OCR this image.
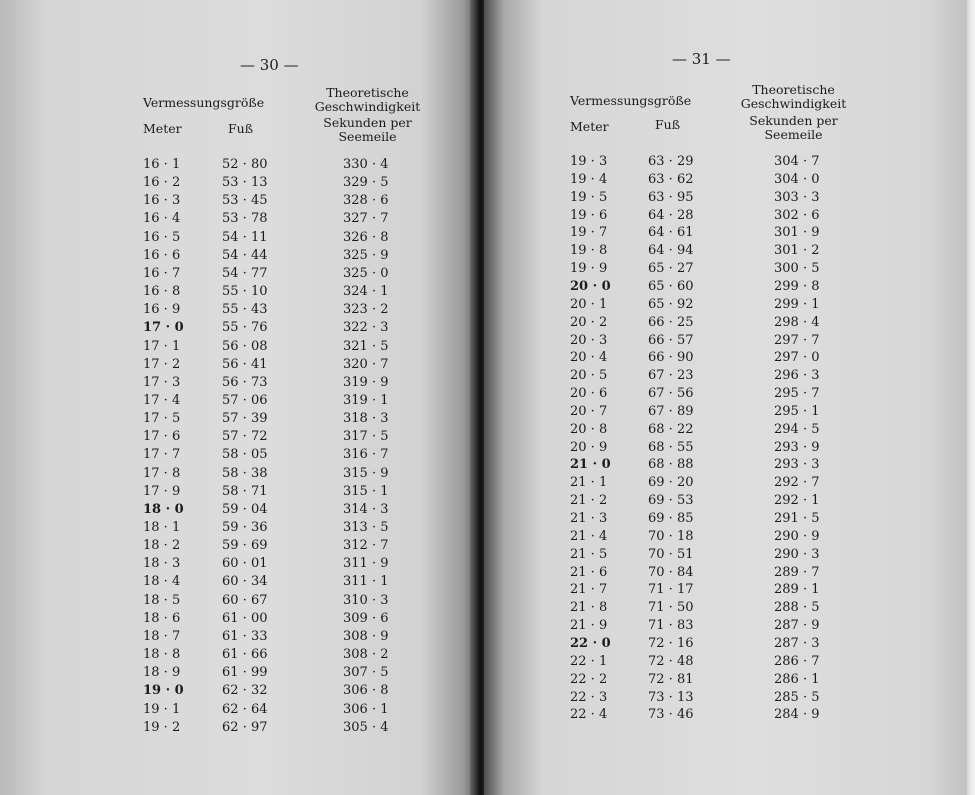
— 30 —
Vermessungsgröße
Meter	Fuß
Theoretische
Geschwindigkeit
Sekunden per
Seemeile
16 · 1	52 · 80	330 · 4
16 · 2	53 · 13	329 · 5
16 · 3	53 · 45	328 · 6
16 · 4	53 · 78	327 · 7
16 · 5	54 · 11	326 · 8
16 · 6	54 · 44	325 · 9
16 · 7	54 · 77	325 · 0
16 · 8	55 · 10	324 · 1
16 · 9	55 · 43	323 · 2
17 · 0	55 · 76	322 · 3
17 · 1	56 · 08	321 · 5
17 · 2	56 · 41	320 · 7
17 · 3	56 · 73	319 · 9
17 · 4	57 · 06	319 · 1
17 · 5	57 · 39	318 · 3
17 · 6	57 · 72	317 · 5
17 · 7	58 · 05	316 · 7
17 · 8	58 · 38	315 · 9
17 · 9	58 · 71	315 · 1
18 · 0	59 · 04	314 · 3
18 · 1	59 · 36	313 · 5
18 · 2	59 · 69	312 · 7
18 · 3	60 · 01	311 · 9
18 · 4	60 · 34	311 · 1
18 · 5	60 · 67	310 · 3
18 · 6	61 · 00	309 · 6
18 · 7	61 · 33	308 · 9
18 · 8	61 · 66	308 · 2
18 · 9	61 · 99	307 · 5
19 · 0	62 · 32	306 · 8
19 · 1	62 · 64	306 · 1
19 · 2	62 · 97	305 · 4
— 31 —
Vermessungsgröße
Meter	Fuß
Theoretische
Geschwindigkeit
Sekunden per
Seemeile
19 · 3	63 · 29	304 · 7
19 · 4	63 · 62	304 · 0
19 · 5	63 · 95	303 · 3
19 · 6	64 · 28	302 · 6
19 · 7	64 · 61	301 · 9
19 · 8	64 · 94	301 · 2
19 · 9	65 · 27	300 · 5
20 · 0	65 · 60	299 · 8
20 · 1	65 · 92	299 · 1
20 · 2	66 · 25	298 · 4
20 · 3	66 · 57	297 · 7
20 · 4	66 · 90	297 · 0
20 · 5	67 · 23	296 · 3
20 · 6	67 · 56	295 · 7
20 · 7	67 · 89	295 · 1
20 · 8	68 · 22	294 · 5
20 · 9	68 · 55	293 · 9
21 · 0	68 · 88	293 · 3
21 · 1	69 · 20	292 · 7
21 · 2	69 · 53	292 · 1
21 · 3	69 · 85	291 · 5
21 · 4	70 · 18	290 · 9
21 · 5	70 · 51	290 · 3
21 · 6	70 · 84	289 · 7
21 · 7	71 · 17	289 · 1
21 · 8	71 · 50	288 · 5
21 · 9	71 · 83	287 · 9
22 · 0	72 · 16	287 · 3
22 · 1	72 · 48	286 · 7
22 · 2	72 · 81	286 · 1
22 · 3	73 · 13	285 · 5
22 · 4	73 · 46	284 · 9
